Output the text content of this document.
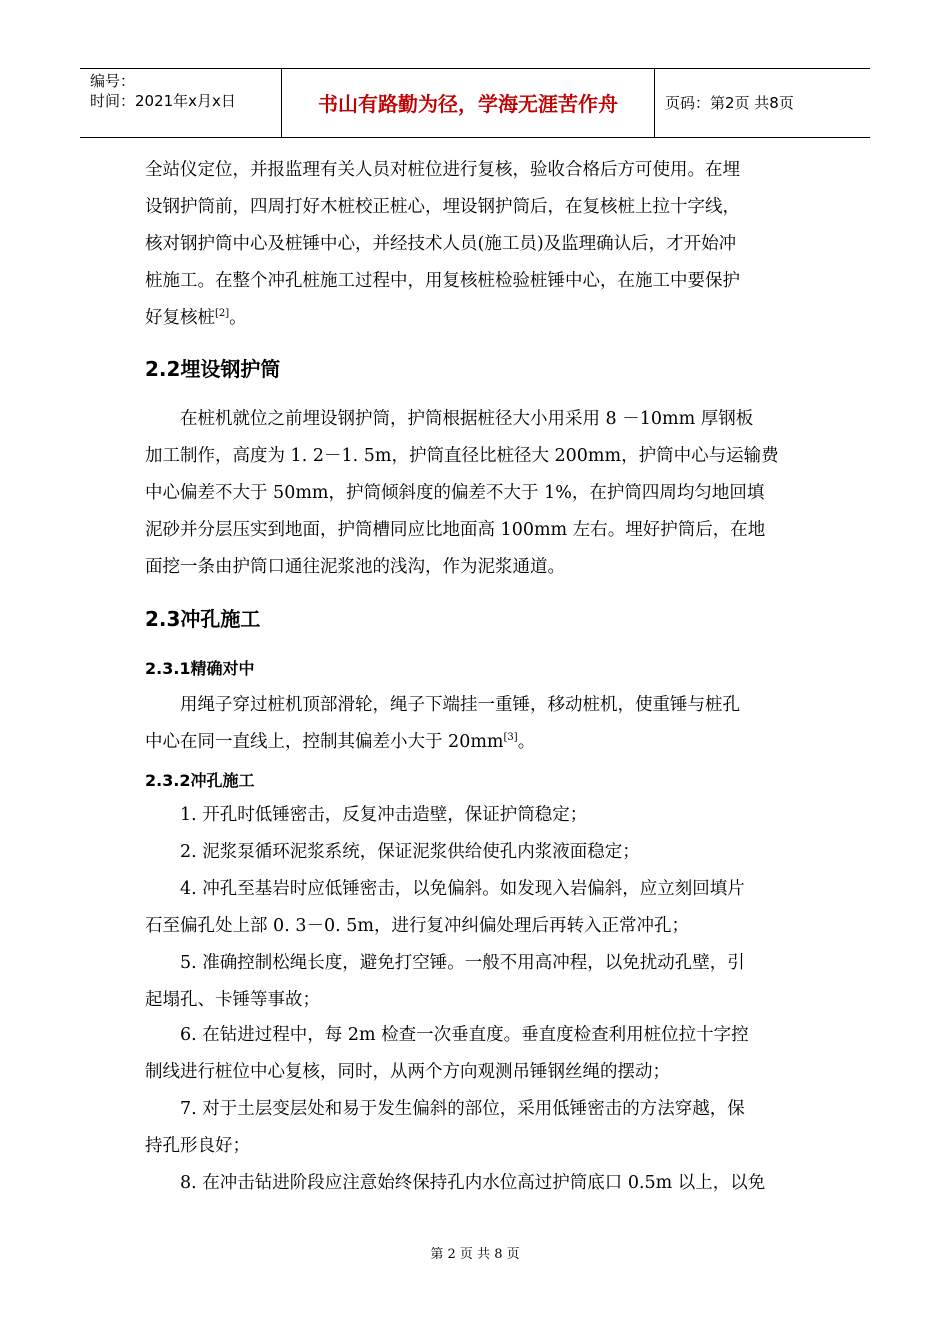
编号：
时间：2021年x月x日	书山有路勤为径，学海无涯苦作舟	页码：第2页 共8页
全站仪定位，并报监理有关人员对桩位进行复核，验收合格后方可使用。在埋
设钢护筒前，四周打好木桩校正桩心，埋设钢护筒后，在复核桩上拉十字线，
核对钢护筒中心及桩锤中心，并经技术人员(施工员)及监理确认后，才开始冲
桩施工。在整个冲孔桩施工过程中，用复核桩检验桩锤中心，在施工中要保护
好复核桩[2]。
2.2埋设钢护筒
　　在桩机就位之前埋设钢护筒，护筒根据桩径大小用采用 8 －10mm 厚钢板
加工制作，高度为 1. 2－1. 5m，护筒直径比桩径大 200mm，护筒中心与运输费
中心偏差不大于 50mm，护筒倾斜度的偏差不大于 1%，在护筒四周均匀地回填
泥砂并分层压实到地面，护筒槽同应比地面高 100mm 左右。埋好护筒后，在地
面挖一条由护筒口通往泥浆池的浅沟，作为泥浆通道。
2.3冲孔施工
2.3.1精确对中
　　用绳子穿过桩机顶部滑轮，绳子下端挂一重锤，移动桩机，使重锤与桩孔
中心在同一直线上，控制其偏差小大于 20mm[3]。
2.3.2冲孔施工
　　1. 开孔时低锤密击，反复冲击造壁，保证护筒稳定；
　　2. 泥浆泵循环泥浆系统，保证泥浆供给使孔内浆液面稳定；
　　4. 冲孔至基岩时应低锤密击，以免偏斜。如发现入岩偏斜，应立刻回填片
石至偏孔处上部 0. 3－0. 5m，进行复冲纠偏处理后再转入正常冲孔；
　　5. 准确控制松绳长度，避免打空锤。一般不用高冲程，以免扰动孔壁，引
起塌孔、卡锤等事故；
　　6. 在钻进过程中，每 2m 检查一次垂直度。垂直度检查利用桩位拉十字控
制线进行桩位中心复核，同时，从两个方向观测吊锤钢丝绳的摆动；
　　7. 对于土层变层处和易于发生偏斜的部位，采用低锤密击的方法穿越，保
持孔形良好；
　　8. 在冲击钻进阶段应注意始终保持孔内水位高过护筒底口 0.5m 以上，以免
第 2 页 共 8 页
